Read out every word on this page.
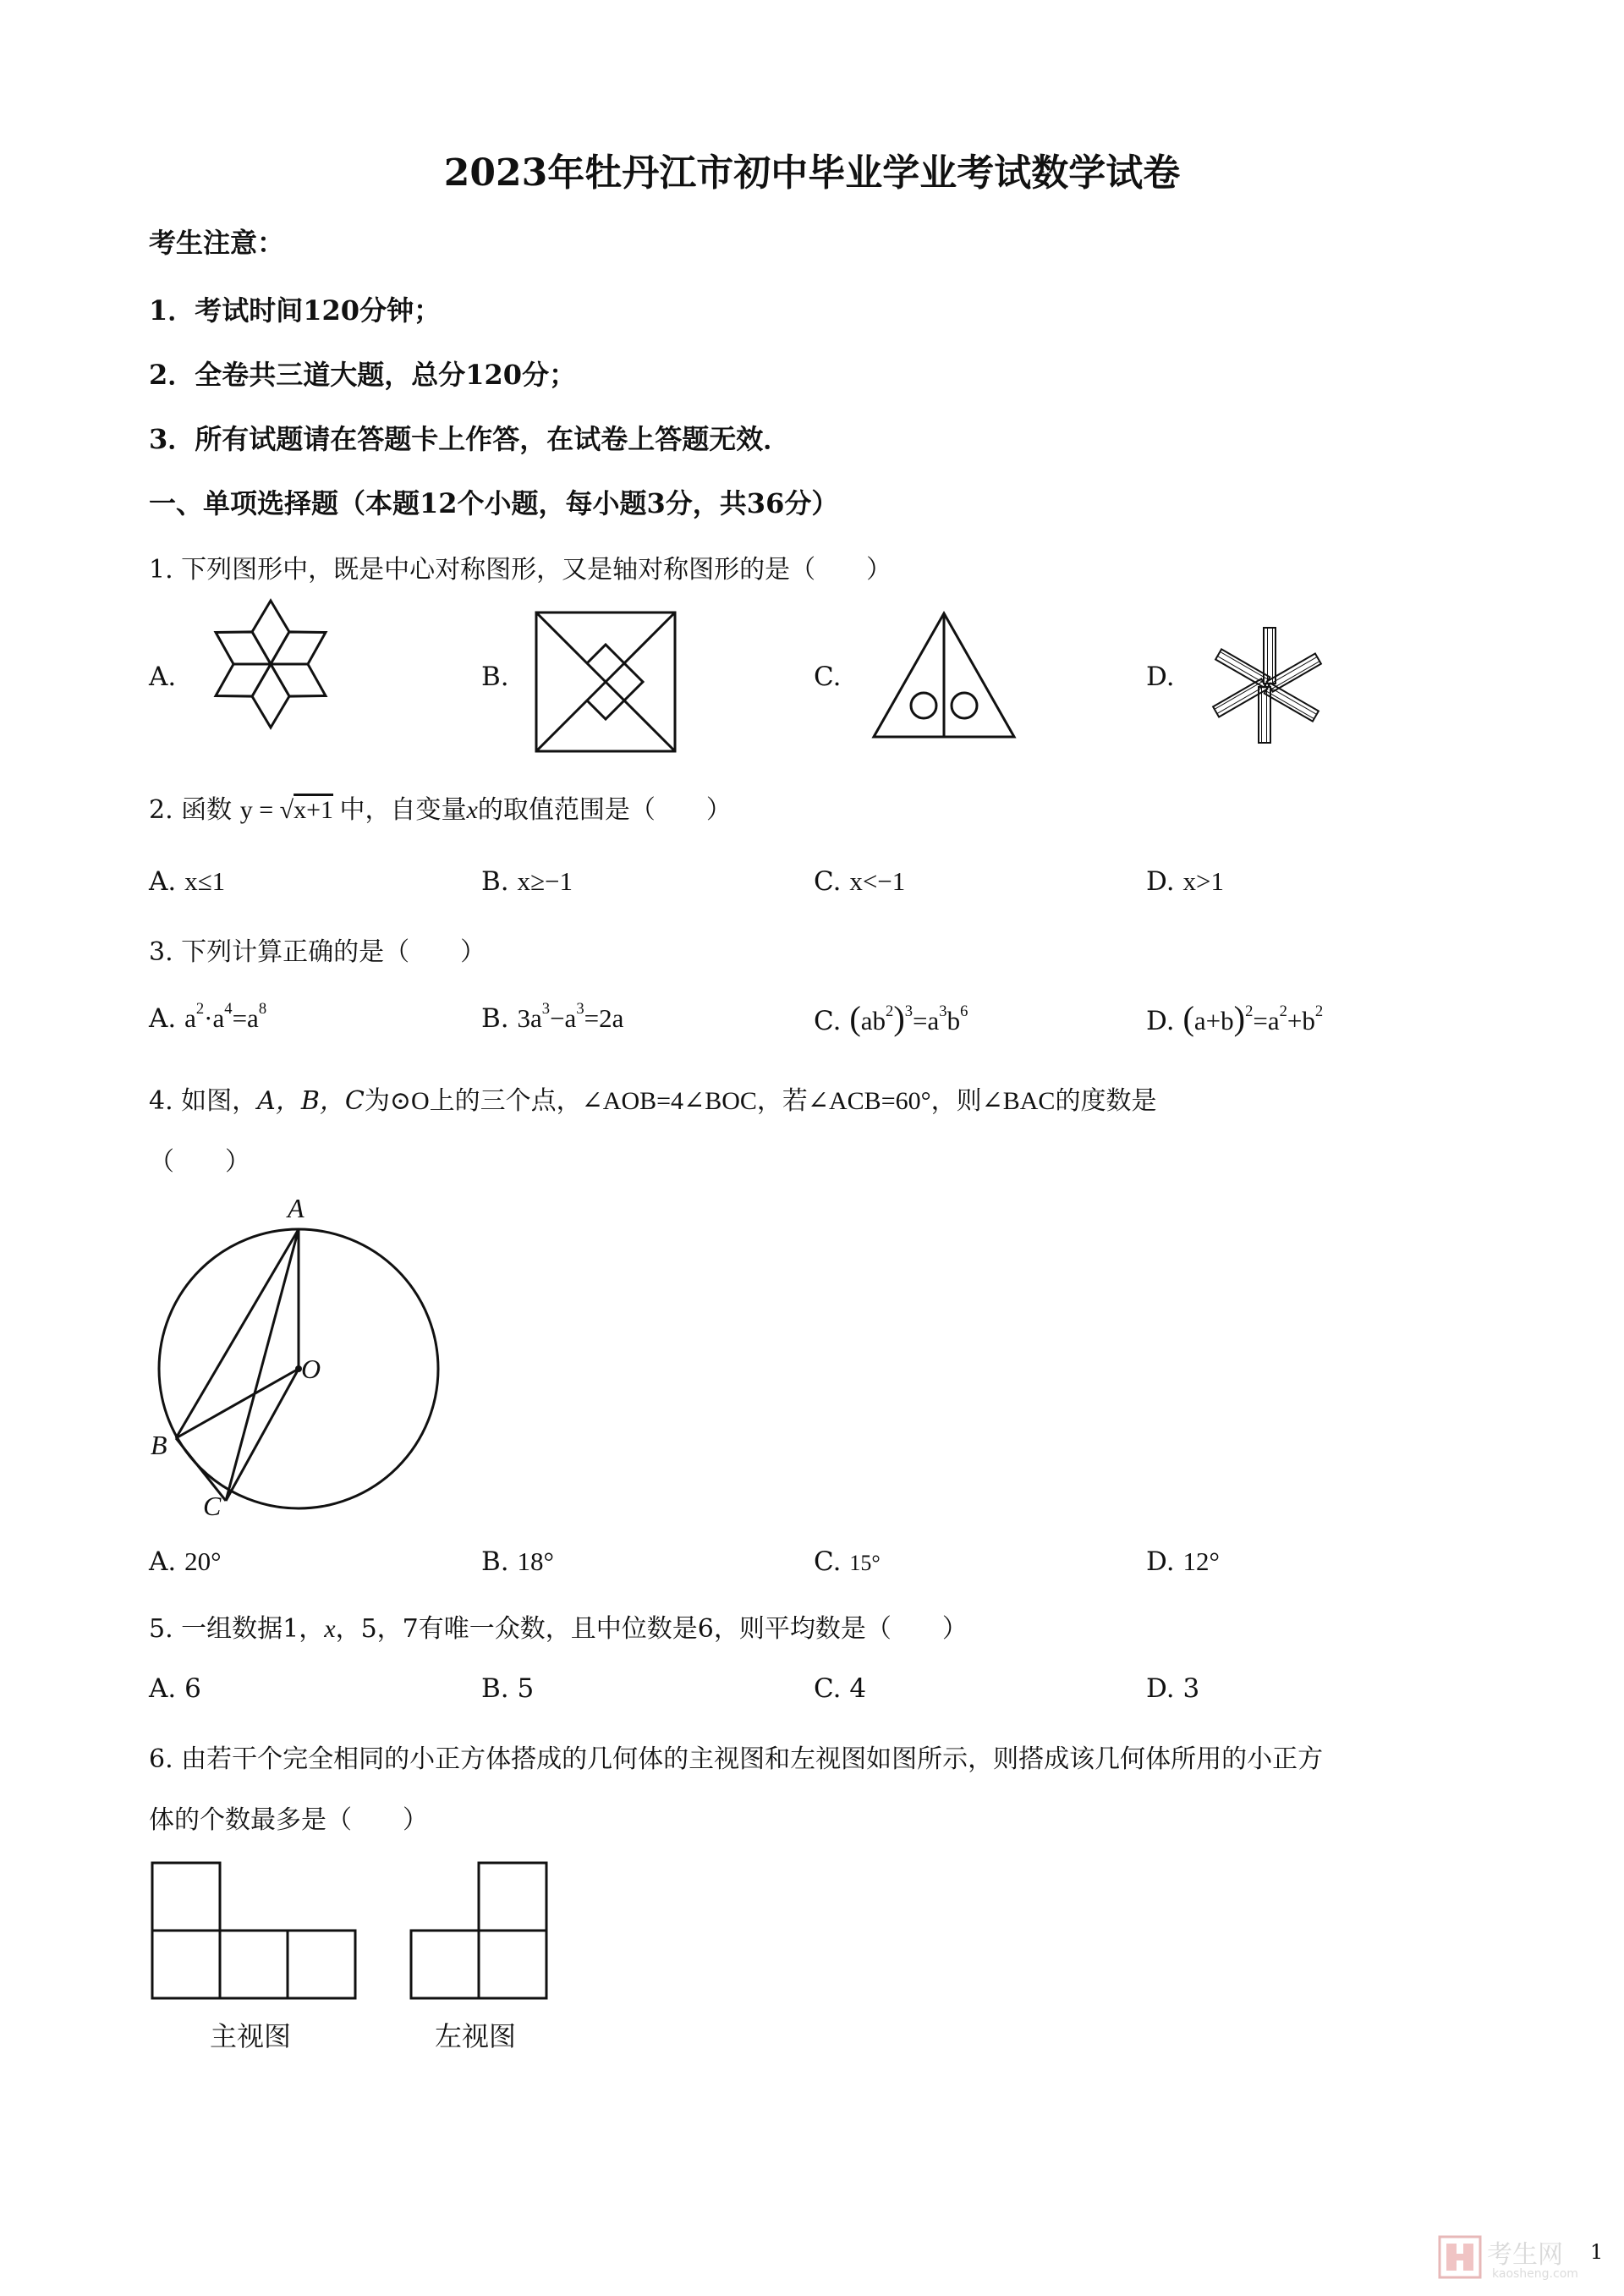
2023年牡丹江市初中毕业学业考试数学试卷
考生注意：
1．考试时间120分钟；
2．全卷共三道大题，总分120分；
3．所有试题请在答题卡上作答，在试卷上答题无效．
一、单项选择题（本题12个小题，每小题3分，共36分）
1. 下列图形中，既是中心对称图形，又是轴对称图形的是（　　）
A.	B.	C.	D.
2. 函数 y = √x+1 中，自变量x的取值范围是（　　）
A. x≤1	B. x≥−1	C. x<−1	D. x>1
3. 下列计算正确的是（　　）
A. $a^2\cdot a^4=a^8$	B. $3a^3-a^3=2a$	C. $(ab^2)^3=a^3b^6$	D. $(a+b)^2=a^2+b^2$
4. 如图，A，B，C为⊙O上的三个点，∠AOB=4∠BOC，若∠ACB=60°，则∠BAC的度数是
（　　）
A
O
B
C
A. 20°	B. 18°	C. 15°	D. 12°
5. 一组数据1，x，5，7有唯一众数，且中位数是6，则平均数是（　　）
A. 6	B. 5	C. 4	D. 3
6. 由若干个完全相同的小正方体搭成的几何体的主视图和左视图如图所示，则搭成该几何体所用的小正方
体的个数最多是（　　）
主视图	左视图
1
考生网
kaosheng.com
